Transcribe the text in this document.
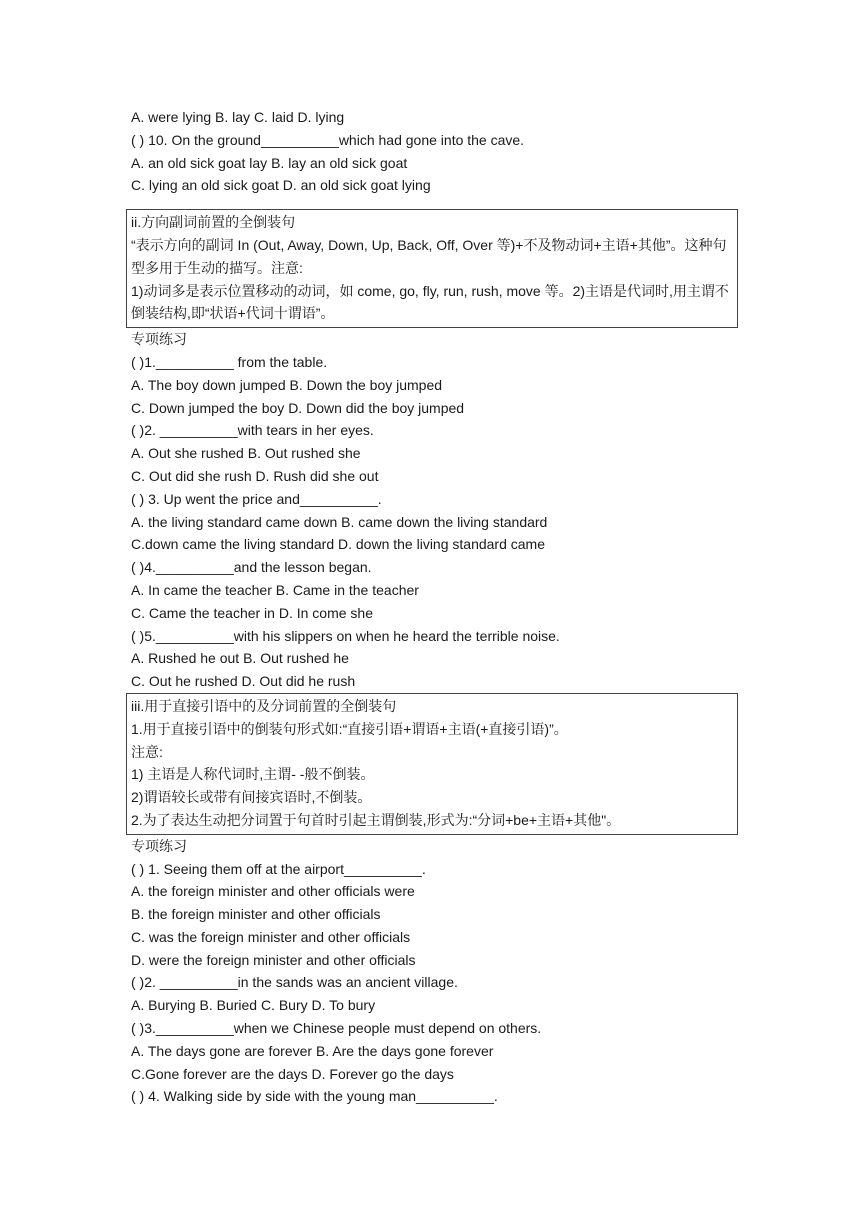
A. were lying B. lay C. laid D. lying
( ) 10. On the ground__________which had gone into the cave.
A. an old sick goat lay B. lay an old sick goat
C. lying an old sick goat D. an old sick goat lying
ii.方向副词前置的全倒装句
“表示方向的副词 In (Out, Away, Down, Up, Back, Off, Over 等)+不及物动词+主语+其他”。这种句型多用于生动的描写。注意:
1)动词多是表示位置移动的动词，如 come, go, fly, run, rush, move 等。2)主语是代词时,用主谓不倒装结构,即“状语+代词十谓语”。
专项练习
( )1.__________ from the table.
A. The boy down jumped B. Down the boy jumped
C. Down jumped the boy D. Down did the boy jumped
( )2. __________with tears in her eyes.
A. Out she rushed B. Out rushed she
C. Out did she rush D. Rush did she out
( ) 3. Up went the price and__________.
A. the living standard came down B. came down the living standard
C.down came the living standard D. down the living standard came
( )4.__________and the lesson began.
A. In came the teacher B. Came in the teacher
C. Came the teacher in D. In come she
( )5.__________with his slippers on when he heard the terrible noise.
A. Rushed he out B. Out rushed he
C. Out he rushed D. Out did he rush
iii.用于直接引语中的及分词前置的全倒装句
1.用于直接引语中的倒装句形式如:“直接引语+谓语+主语(+直接引语)”。
注意:
1) 主语是人称代词时,主谓- -般不倒装。
2)谓语较长或带有间接宾语时,不倒装。
2.为了表达生动把分词置于句首时引起主谓倒装,形式为:“分词+be+主语+其他"。
专项练习
( ) 1. Seeing them off at the airport__________.
A. the foreign minister and other officials were
B. the foreign minister and other officials
C. was the foreign minister and other officials
D. were the foreign minister and other officials
( )2. __________in the sands was an ancient village.
A. Burying B. Buried C. Bury D. To bury
( )3.__________when we Chinese people must depend on others.
A. The days gone are forever B. Are the days gone forever
C.Gone forever are the days D. Forever go the days
( ) 4. Walking side by side with the young man__________.
